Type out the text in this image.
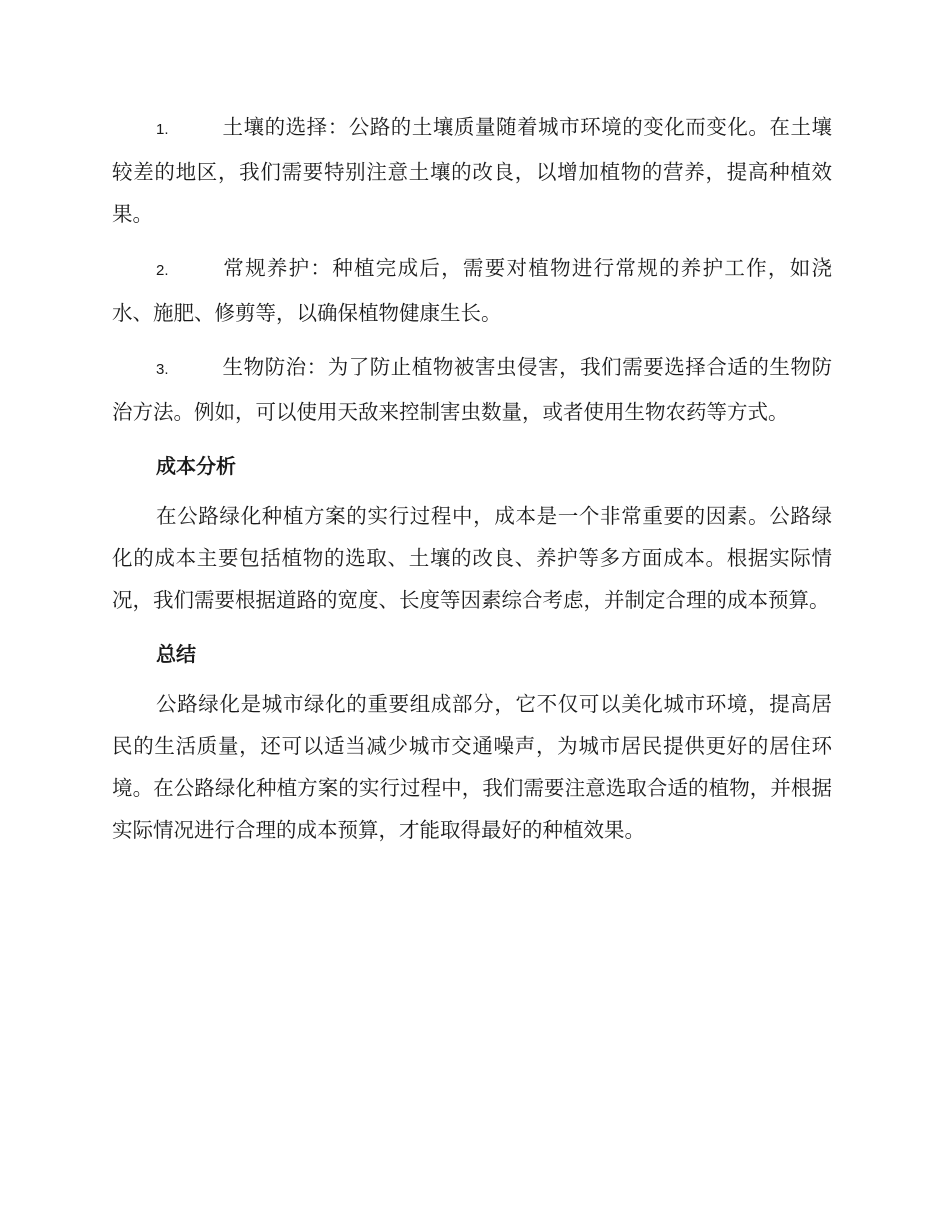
1.	土壤的选择：公路的土壤质量随着城市环境的变化而变化。在土壤较差的地区，我们需要特别注意土壤的改良，以增加植物的营养，提高种植效果。

2.	常规养护：种植完成后，需要对植物进行常规的养护工作，如浇水、施肥、修剪等，以确保植物健康生长。

3.	生物防治：为了防止植物被害虫侵害，我们需要选择合适的生物防治方法。例如，可以使用天敌来控制害虫数量，或者使用生物农药等方式。

成本分析

在公路绿化种植方案的实行过程中，成本是一个非常重要的因素。公路绿化的成本主要包括植物的选取、土壤的改良、养护等多方面成本。根据实际情况，我们需要根据道路的宽度、长度等因素综合考虑，并制定合理的成本预算。

总结

公路绿化是城市绿化的重要组成部分，它不仅可以美化城市环境，提高居民的生活质量，还可以适当减少城市交通噪声，为城市居民提供更好的居住环境。在公路绿化种植方案的实行过程中，我们需要注意选取合适的植物，并根据实际情况进行合理的成本预算，才能取得最好的种植效果。
